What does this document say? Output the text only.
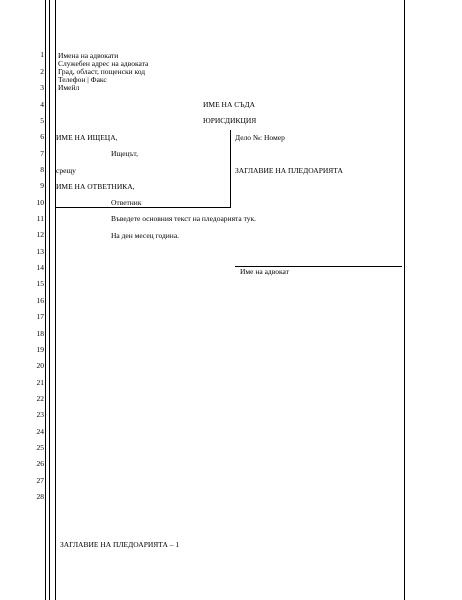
1
2
3
4
5
6
7
8
9
10
11
12
13
14
15
16
17
18
19
20
21
22
23
24
25
26
27
28
Имена на адвокати
Служебен адрес на адвоката
Град, област, пощенски код
Телефон | Факс
Имейл
ИМЕ НА СЪДА
ЮРИСДИКЦИЯ
ИМЕ НА ИЩЕЦА,
Ищецът,
срещу
ИМЕ НА ОТВЕТНИКА,
Ответник
Дело №: Номер
ЗАГЛАВИЕ НА ПЛЕДОАРИЯТА
Въведете основния текст на пледоарията тук.
На ден месец година.
Име на адвокат
ЗАГЛАВИЕ НА ПЛЕДОАРИЯТА – 1
